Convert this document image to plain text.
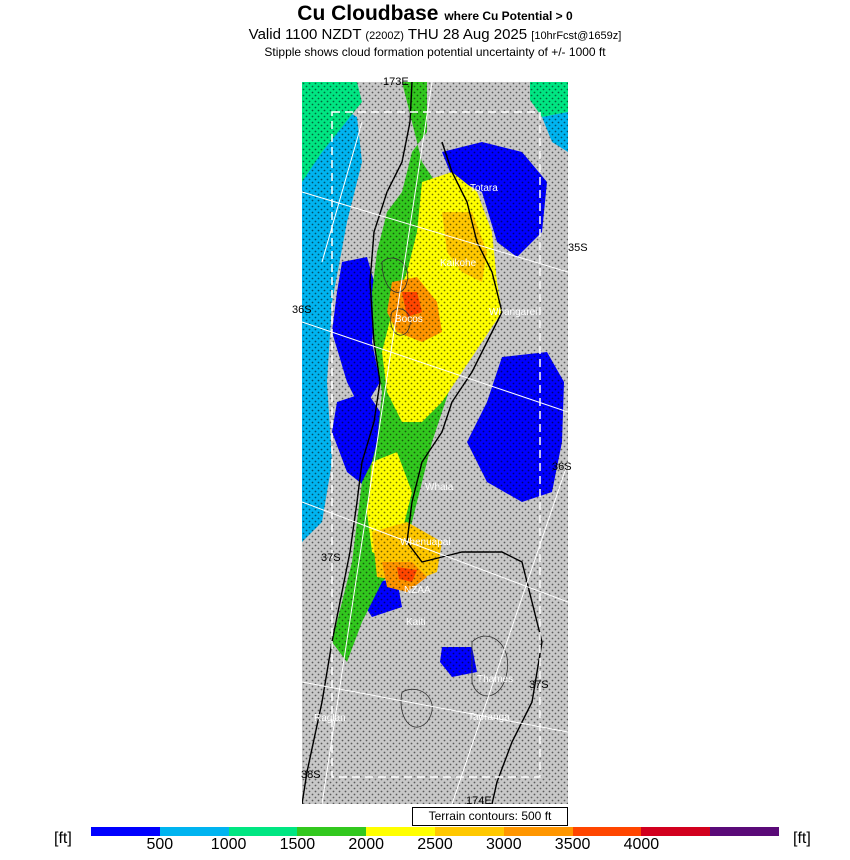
Cu Cloudbase where Cu Potential > 0
Valid 1100 NZDT (2200Z) THU 28 Aug 2025 [10hrFcst@1659z]
Stipple shows cloud formation potential uncertainty of +/- 1000 ft
173E
35S
36S
36S
37S
37S
38S
174E
Totara
Kaikohe
Whangarei
Bocos
Whaia
Whenuapai
NZAA
Kaiti
Thames
Raglan	Tauranga
Terrain contours: 500 ft
[ft]	[ft]
500	1000	1500	2000	2500	3000	3500	4000
